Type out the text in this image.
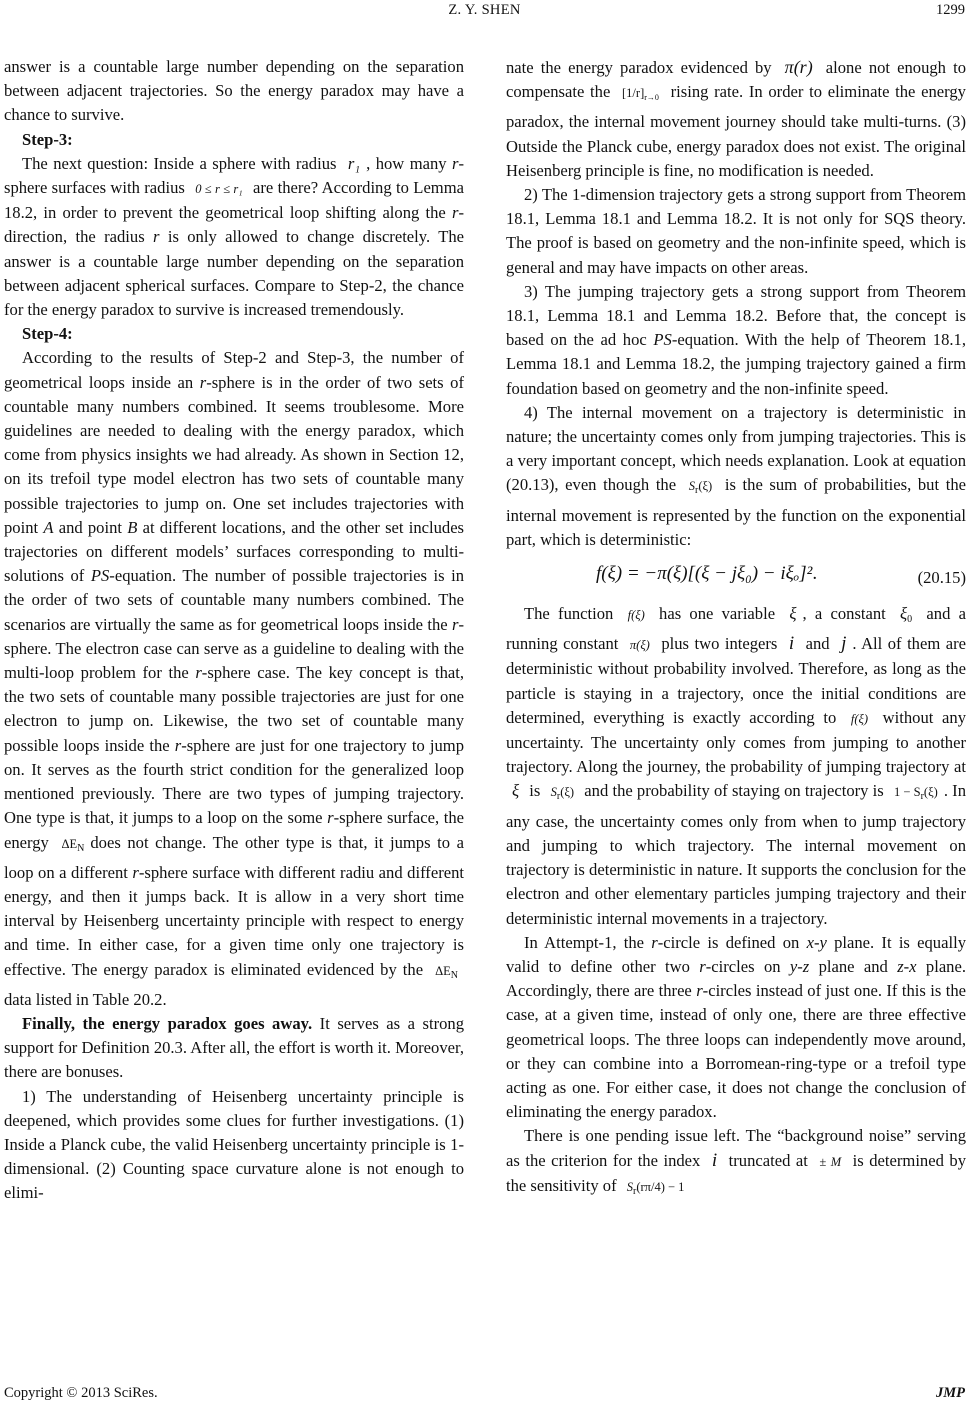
Z. Y. SHEN	1299

answer is a countable large number depending on the separation between adjacent trajectories. So the energy paradox may have a chance to survive.

Step-3:

The next question: Inside a sphere with radius r₁ , how many r-sphere surfaces with radius 0 ≤ r ≤ r₁ are there? According to Lemma 18.2, in order to prevent the geometrical loop shifting along the r-direction, the radius r is only allowed to change discretely. The answer is a countable large number depending on the separation between adjacent spherical surfaces. Compare to Step-2, the chance for the energy paradox to survive is increased tremendously.

Step-4:

According to the results of Step-2 and Step-3, the number of geometrical loops inside an r-sphere is in the order of two sets of countable many numbers combined. It seems troublesome. More guidelines are needed to dealing with the energy paradox, which come from physics insights we had already. As shown in Section 12, on its trefoil type model electron has two sets of countable many possible trajectories to jump on. One set includes trajectories with point A and point B at different locations, and the other set includes trajectories on different models’ surfaces corresponding to multi-solutions of PS-equation. The number of possible trajectories is in the order of two sets of countable many numbers combined. The scenarios are virtually the same as for geometrical loops inside the r-sphere. The electron case can serve as a guideline to dealing with the multi-loop problem for the r-sphere case. The key concept is that, the two sets of countable many possible trajectories are just for one electron to jump on. Likewise, the two set of countable many possible loops inside the r-sphere are just for one trajectory to jump on. It serves as the fourth strict condition for the generalized loop mentioned previously. There are two types of jumping trajectory. One type is that, it jumps to a loop on the some r-sphere surface, the energy $\Delta E_N$ does not change. The other type is that, it jumps to a loop on a different r-sphere surface with different radiu and different energy, and then it jumps back. It is allow in a very short time interval by Heisenberg uncertainty principle with respect to energy and time. In either case, for a given time only one trajectory is effective. The energy paradox is eliminated evidenced by the $\Delta E_N$ data listed in Table 20.2.

Finally, the energy paradox goes away. It serves as a strong support for Definition 20.3. After all, the effort is worth it. Moreover, there are bonuses.

1) The understanding of Heisenberg uncertainty principle is deepened, which provides some clues for further investigations. (1) Inside a Planck cube, the valid Heisenberg uncertainty principle is 1-dimensional. (2) Counting space curvature alone is not enough to elimi-

nate the energy paradox evidenced by π(r) alone not enough to compensate the $[1/r]_{r\to 0}$ rising rate. In order to eliminate the energy paradox, the internal movement journey should take multi-turns. (3) Outside the Planck cube, energy paradox does not exist. The original Heisenberg principle is fine, no modification is needed.

2) The 1-dimension trajectory gets a strong support from Theorem 18.1, Lemma 18.1 and Lemma 18.2. It is not only for SQS theory. The proof is based on geometry and the non-infinite speed, which is general and may have impacts on other areas.

3) The jumping trajectory gets a strong support from Theorem 18.1, Lemma 18.1 and Lemma 18.2. Before that, the concept is based on the ad hoc PS-equation. With the help of Theorem 18.1, Lemma 18.1 and Lemma 18.2, the jumping trajectory gained a firm foundation based on geometry and the non-infinite speed.

4) The internal movement on a trajectory is deterministic in nature; the uncertainty comes only from jumping trajectories. This is a very important concept, which needs explanation. Look at equation (20.13), even though the $S_r(\xi)$ is the sum of probabilities, but the internal movement is represented by the function on the exponential part, which is deterministic:

f(ξ) = −π(ξ)[(ξ − jξ₀) − iξₒ]².	(20.15)

The function f(ξ) has one variable ξ , a constant $\xi_0$ and a running constant π(ξ) plus two integers i and j . All of them are deterministic without probability involved. Therefore, as long as the particle is staying in a trajectory, once the initial conditions are determined, everything is exactly according to f(ξ) without any uncertainty. The uncertainty only comes from jumping to another trajectory. Along the journey, the probability of jumping trajectory at ξ is $S_r(\xi)$ and the probability of staying on trajectory is $1 - S_r(\xi)$ . In any case, the uncertainty comes only from when to jump trajectory and jumping to which trajectory. The internal movement on trajectory is deterministic in nature. It supports the conclusion for the electron and other elementary particles jumping trajectory and their deterministic internal movements in a trajectory.

In Attempt-1, the r-circle is defined on x-y plane. It is equally valid to define other two r-circles on y-z plane and z-x plane. Accordingly, there are three r-circles instead of just one. If this is the case, at a given time, instead of only one, there are three effective geometrical loops. The three loops can independently move around, or they can combine into a Borromean-ring-type or a trefoil type acting as one. For either case, it does not change the conclusion of eliminating the energy paradox.

There is one pending issue left. The “background noise” serving as the criterion for the index i truncated at ± M is determined by the sensitivity of $S_r(r\pi/4) - 1$

Copyright © 2013 SciRes.	JMP
